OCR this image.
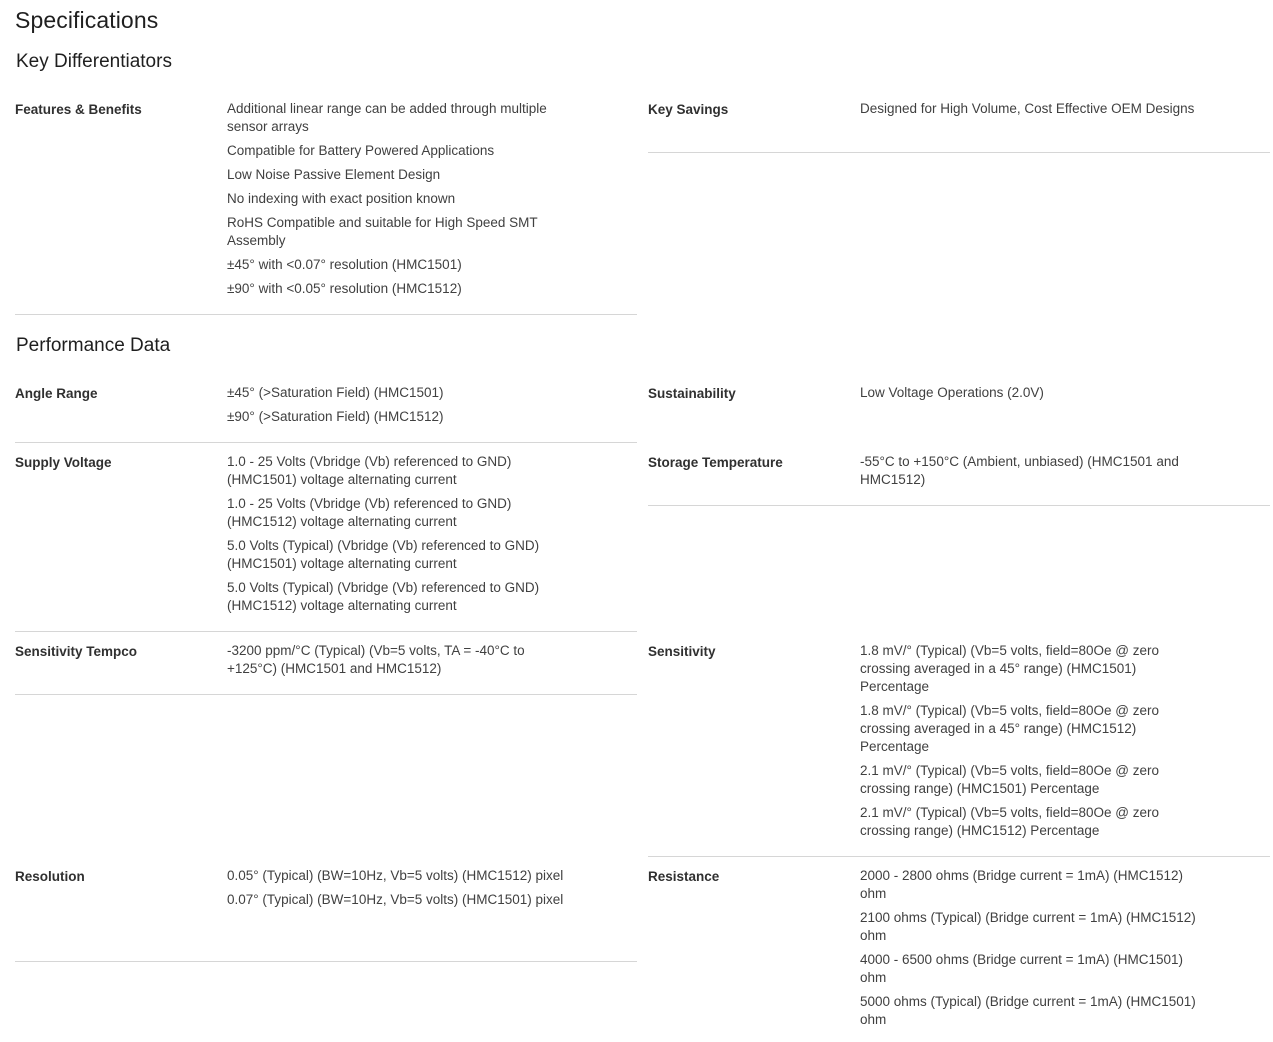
Specifications
Key Differentiators
Features & Benefits	Additional linear range can be added through multiple sensor arrays
Compatible for Battery Powered Applications
Low Noise Passive Element Design
No indexing with exact position known
RoHS Compatible and suitable for High Speed SMT Assembly
±45° with <0.07° resolution (HMC1501)
±90° with <0.05° resolution (HMC1512)
Key Savings	Designed for High Volume, Cost Effective OEM Designs
Performance Data
Angle Range	±45° (>Saturation Field) (HMC1501)
±90° (>Saturation Field) (HMC1512)
Supply Voltage	1.0 - 25 Volts (Vbridge (Vb) referenced to GND) (HMC1501) voltage alternating current
1.0 - 25 Volts (Vbridge (Vb) referenced to GND) (HMC1512) voltage alternating current
5.0 Volts (Typical) (Vbridge (Vb) referenced to GND) (HMC1501) voltage alternating current
5.0 Volts (Typical) (Vbridge (Vb) referenced to GND) (HMC1512) voltage alternating current
Sensitivity Tempco	-3200 ppm/°C (Typical) (Vb=5 volts, TA = -40°C to +125°C) (HMC1501 and HMC1512)
Resolution	0.05° (Typical) (BW=10Hz, Vb=5 volts) (HMC1512) pixel
0.07° (Typical) (BW=10Hz, Vb=5 volts) (HMC1501) pixel
Sustainability	Low Voltage Operations (2.0V)
Storage Temperature	-55°C to +150°C (Ambient, unbiased) (HMC1501 and HMC1512)
Sensitivity	1.8 mV/° (Typical) (Vb=5 volts, field=80Oe @ zero crossing averaged in a 45° range) (HMC1501) Percentage
1.8 mV/° (Typical) (Vb=5 volts, field=80Oe @ zero crossing averaged in a 45° range) (HMC1512) Percentage
2.1 mV/° (Typical) (Vb=5 volts, field=80Oe @ zero crossing range) (HMC1501) Percentage
2.1 mV/° (Typical) (Vb=5 volts, field=80Oe @ zero crossing range) (HMC1512) Percentage
Resistance	2000 - 2800 ohms (Bridge current = 1mA) (HMC1512) ohm
2100 ohms (Typical) (Bridge current = 1mA) (HMC1512) ohm
4000 - 6500 ohms (Bridge current = 1mA) (HMC1501) ohm
5000 ohms (Typical) (Bridge current = 1mA) (HMC1501) ohm
